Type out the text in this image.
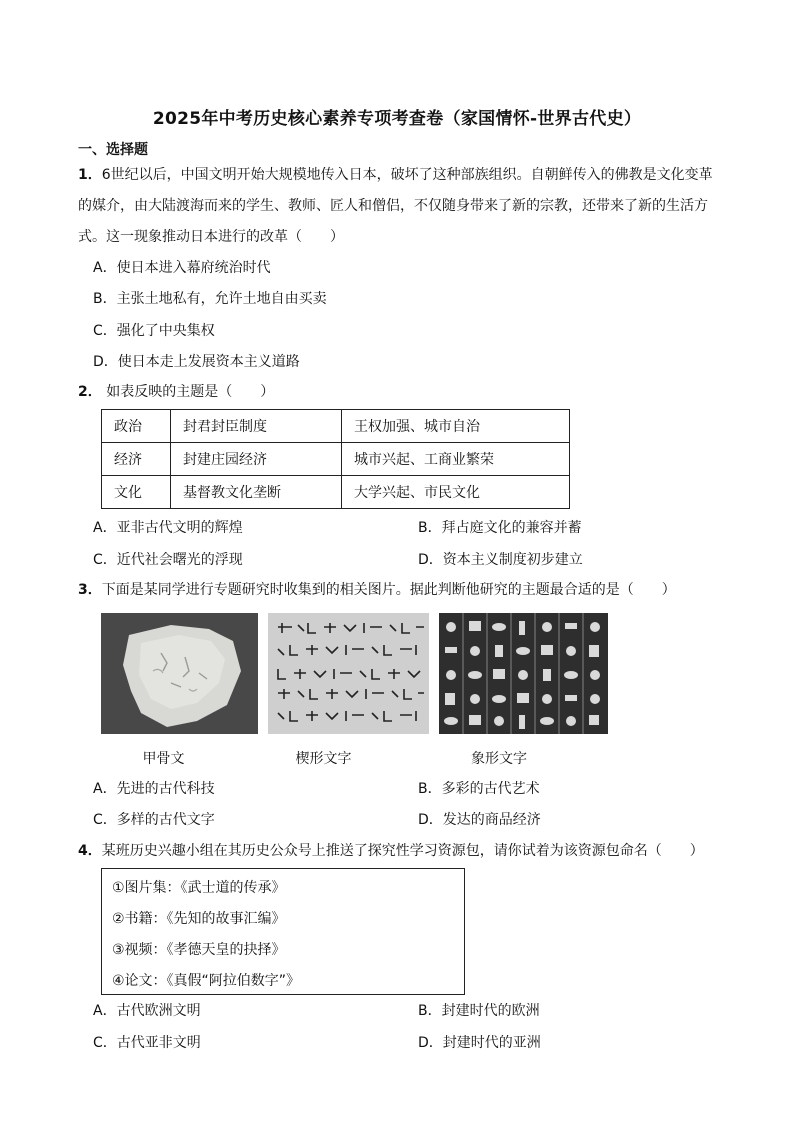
2025年中考历史核心素养专项考查卷（家国情怀-世界古代史）
一、选择题
1．6世纪以后，中国文明开始大规模地传入日本，破坏了这种部族组织。自朝鲜传入的佛教是文化变革
的媒介，由大陆渡海而来的学生、教师、匠人和僧侣，不仅随身带来了新的宗教，还带来了新的生活方
式。这一现象推动日本进行的改革（　　）
A．使日本进入幕府统治时代
B．主张土地私有，允许土地自由买卖
C．强化了中央集权
D．使日本走上发展资本主义道路
2． 如表反映的主题是（　　）
政治	封君封臣制度	王权加强、城市自治
经济	封建庄园经济	城市兴起、工商业繁荣
文化	基督教文化垄断	大学兴起、市民文化
A．亚非古代文明的辉煌	B．拜占庭文化的兼容并蓄
C．近代社会曙光的浮现	D．资本主义制度初步建立
3．下面是某同学进行专题研究时收集到的相关图片。据此判断他研究的主题最合适的是（　　）
甲骨文	楔形文字	象形文字
A．先进的古代科技	B．多彩的古代艺术
C．多样的古代文字	D．发达的商品经济
4．某班历史兴趣小组在其历史公众号上推送了探究性学习资源包，请你试着为该资源包命名（　　）
①图片集：《武士道的传承》
②书籍：《先知的故事汇编》
③视频：《孝德天皇的抉择》
④论文：《真假“阿拉伯数字”》
A．古代欧洲文明	B．封建时代的欧洲
C．古代亚非文明	D．封建时代的亚洲
